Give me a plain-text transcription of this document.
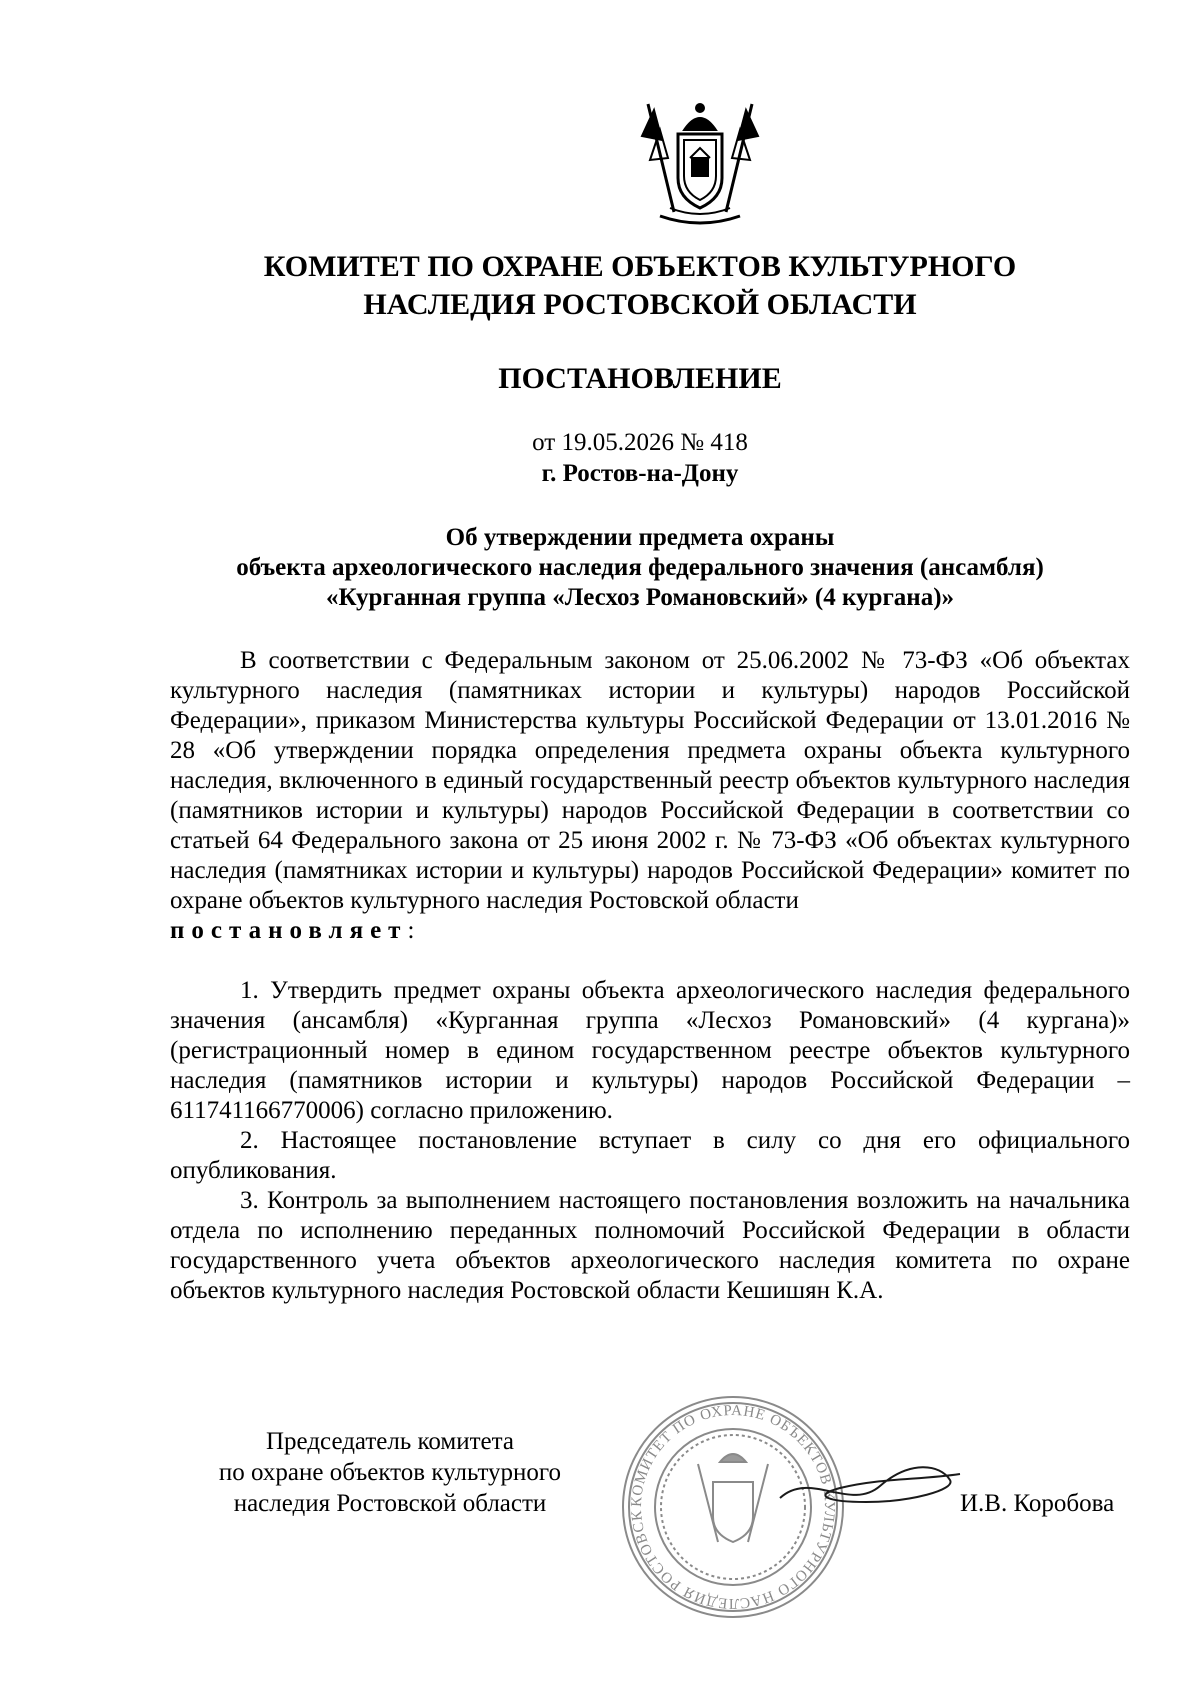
КОМИТЕТ ПО ОХРАНЕ ОБЪЕКТОВ КУЛЬТУРНОГО
НАСЛЕДИЯ РОСТОВСКОЙ ОБЛАСТИ
ПОСТАНОВЛЕНИЕ
от 19.05.2026 № 418
г. Ростов-на-Дону
Об утверждении предмета охраны
объекта археологического наследия федерального значения (ансамбля)
«Курганная группа «Лесхоз Романовский» (4 кургана)»

В соответствии с Федеральным законом от 25.06.2002 № 73-ФЗ «Об объектах культурного наследия (памятниках истории и культуры) народов Российской Федерации», приказом Министерства культуры Российской Федерации от 13.01.2016 № 28 «Об утверждении порядка определения предмета охраны объекта культурного наследия, включенного в единый государственный реестр объектов культурного наследия (памятников истории и культуры) народов Российской Федерации в соответствии со статьей 64 Федерального закона от 25 июня 2002 г. № 73-ФЗ «Об объектах культурного наследия (памятниках истории и культуры) народов Российской Федерации» комитет по охране объектов культурного наследия Ростовской области
постановляет:

1. Утвердить предмет охраны объекта археологического наследия федерального значения (ансамбля) «Курганная группа «Лесхоз Романовский» (4 кургана)» (регистрационный номер в едином государственном реестре объектов культурного наследия (памятников истории и культуры) народов Российской Федерации – 611741166770006) согласно приложению.

2. Настоящее постановление вступает в силу со дня его официального опубликования.

3. Контроль за выполнением настоящего постановления возложить на начальника отдела по исполнению переданных полномочий Российской Федерации в области государственного учета объектов археологического наследия комитета по охране объектов культурного наследия Ростовской области Кешишян К.А.

Председатель комитета
по охране объектов культурного
наследия Ростовской области	КОМИТЕТ ПО ОХРАНЕ ОБЪЕКТОВ КУЛЬТУРНОГО НАСЛЕДИЯ РОСТОВСК	И.В. Коробова
